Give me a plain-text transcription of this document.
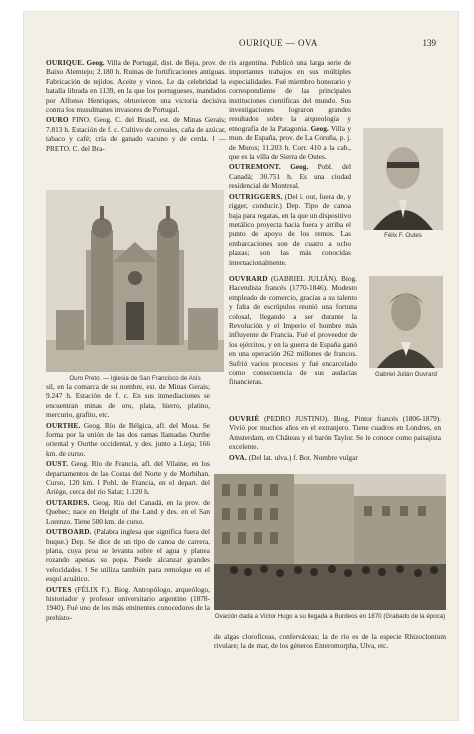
OURIQUE — OVA	139

OURIQUE. Geog. Villa de Portugal, dist. de Beja, prov. de Baixo Alemtejo; 2.180 h. Ruinas de fortificaciones antiguas. Fabricación de tejidos. Aceite y vinos. Le da celebridad la batalla librada en 1139, en la que los portugueses, mandados por Alfonso Henriques, obtuvieron una victoria decisiva contra los musulmanes invasores de Portugal.

OURO FINO. Geog. C. del Brasil, est. de Minas Gerais; 7.813 h. Estación de f. c. Cultivo de cereales, caña de azúcar, tabaco y café; cría de ganado vacuno y de cerda. ‖ — PRETO. C. del Bra-

Ouro Preto. — Iglesia de San Francisco de Asís

ris argentina. Publicó una larga serie de importantes trabajos en sus múltiples especialidades. Fué miembro honorario y correspondiente de las principales instituciones científicas del mundo. Sus investigaciones lograron grandes resultados sobre la arqueología y etnografía de la Patagonia. Geog. Villa y mun. de España, prov. de La Coruña, p. j. de Muros; 11.203 h. Corr. 410 a la cab., que es la villa de Sierra de Outes.

OUTREMONT. Geog. Pobl. del Canadá; 30.751 h. Es una ciudad residencial de Montreal.

OUTRIGGERS. (Del i. out, fuera de, y rigger, conducir.) Dep. Tipo de canoa baja para regatas, en la que un dispositivo metálico proyecta hacia fuera y arriba el punto de apoyo de los remos. Las embarcaciones son de cuatro a ocho plazas; son las más conocidas internacionalmente.

Félix F. Outes
Gabriel Julián Ouvrard

OUVRARD (GABRIEL JULIÁN). Biog. Hacendista francés (1770-1846). Modesto empleado de comercio, gracias a su talento y falta de escrúpulos reunió una fortuna colosal, llegando a ser durante la Revolución y el Imperio el hombre más influyente de Francia. Fué el proveedor de los ejércitos, y en la guerra de España ganó en una operación 262 millones de francos. Sufrió varios procesos y fué encarcelado como consecuencia de sus audacias financieras.

OUVRIÉ (PEDRO JUSTINO). Biog. Pintor francés (1806-1879). Vivió por muchos años en el extranjero. Tiene cuadros en Londres, en Amsterdam, en Château y el barón Taylor. Se le conoce como paisajista excelente.

OVA. (Del lat. ulva.) f. Bot. Nombre vulgar

Ovación dada a Víctor Hugo a su llegada a Burdeos en 1870 (Grabado de la época)

sil, en la comarca de su nombre, est. de Minas Gerais; 9.247 h. Estación de f. c. En sus inmediaciones se encuentran minas de oro, plata, hierro, platino, mercurio, grafito, etc.

OURTHE. Geog. Río de Bélgica, afl. del Mosa. Se forma por la unión de las dos ramas llamadas Ourthe oriental y Ourthe occidental, y des. junto a Lieja; 166 km. de curso.

OUST. Geog. Río de Francia, afl. del Vilaine, en los departamentos de las Costas del Norte y de Morbihan. Curso, 120 km. ‖ Pobl. de Francia, en el depart. del Ariège, cerca del río Salat; 1.120 h.

OUTARDES. Geog. Río del Canadá, en la prov. de Quebec; nace en Height of the Land y des. en el San Lorenzo. Tiene 500 km. de curso.

OUTBOARD. (Palabra inglesa que significa fuera del buque.) Dep. Se dice de un tipo de canoa de carrera, plana, cuya proa se levanta sobre el agua y planea rozando apenas su popa. Puede alcanzar grandes velocidades. ‖ Se utiliza también para remolque en el esquí acuático.

OUTES (FÉLIX F.). Biog. Antropólogo, arqueólogo, historiador y profesor universitario argentino (1878-1940). Fué uno de los más eminentes conocedores de la prehisto-

de algas clorofíceas, conferváceas; la de río es de la especie Rhizoclonium rivulare; la de mar, de los géneros Enteromorpha, Ulva, etc.
